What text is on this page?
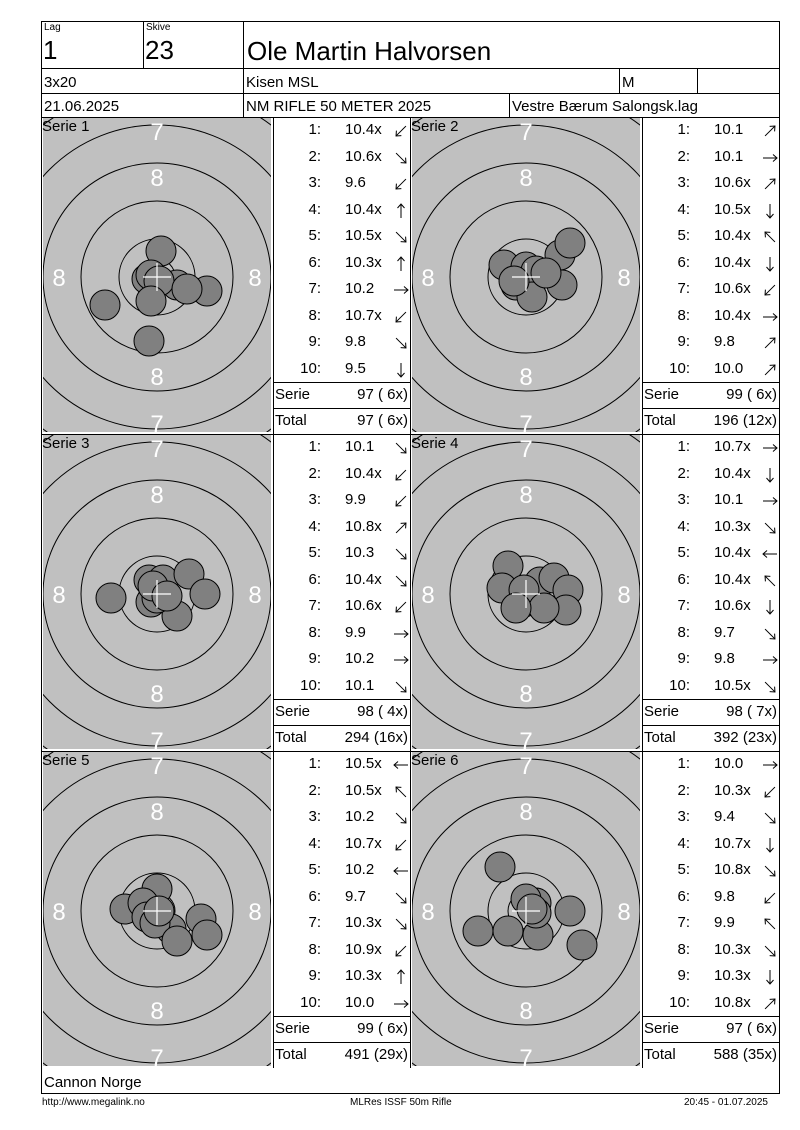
Lag
1
Skive
23	Ole Martin Halvorsen
3x20	Kisen MSL	M
21.06.2025	NM RIFLE 50 METER 2025	Vestre Bærum Salongsk.lag
7
8
8
7
8	8
Serie 1	1: 10.4x
2: 10.6x
3: 9.6
4: 10.4x
5: 10.5x
6: 10.3x
7: 10.2
8: 10.7x
9: 9.8
10: 9.5
Serie	97 ( 6x)
Total	97 ( 6x)
7
8
8
7
8	8
Serie 2	1: 10.1
2: 10.1
3: 10.6x
4: 10.5x
5: 10.4x
6: 10.4x
7: 10.6x
8: 10.4x
9: 9.8
10: 10.0
Serie	99 ( 6x)
Total	196 (12x)
7
8
8
7
8	8
Serie 3	1: 10.1
2: 10.4x
3: 9.9
4: 10.8x
5: 10.3
6: 10.4x
7: 10.6x
8: 9.9
9: 10.2
10: 10.1
Serie	98 ( 4x)
Total	294 (16x)
7
8
8
7
8	8
Serie 4	1: 10.7x
2: 10.4x
3: 10.1
4: 10.3x
5: 10.4x
6: 10.4x
7: 10.6x
8: 9.7
9: 9.8
10: 10.5x
Serie	98 ( 7x)
Total	392 (23x)
7
8
8
7
8	8
Serie 5	1: 10.5x
2: 10.5x
3: 10.2
4: 10.7x
5: 10.2
6: 9.7
7: 10.3x
8: 10.9x
9: 10.3x
10: 10.0
Serie	99 ( 6x)
Total	491 (29x)
7
8
8
7
8	8
Serie 6	1: 10.0
2: 10.3x
3: 9.4
4: 10.7x
5: 10.8x
6: 9.8
7: 9.9
8: 10.3x
9: 10.3x
10: 10.8x
Serie	97 ( 6x)
Total	588 (35x)
Cannon Norge
http://www.megalink.no	MLRes ISSF 50m Rifle	20:45 - 01.07.2025
